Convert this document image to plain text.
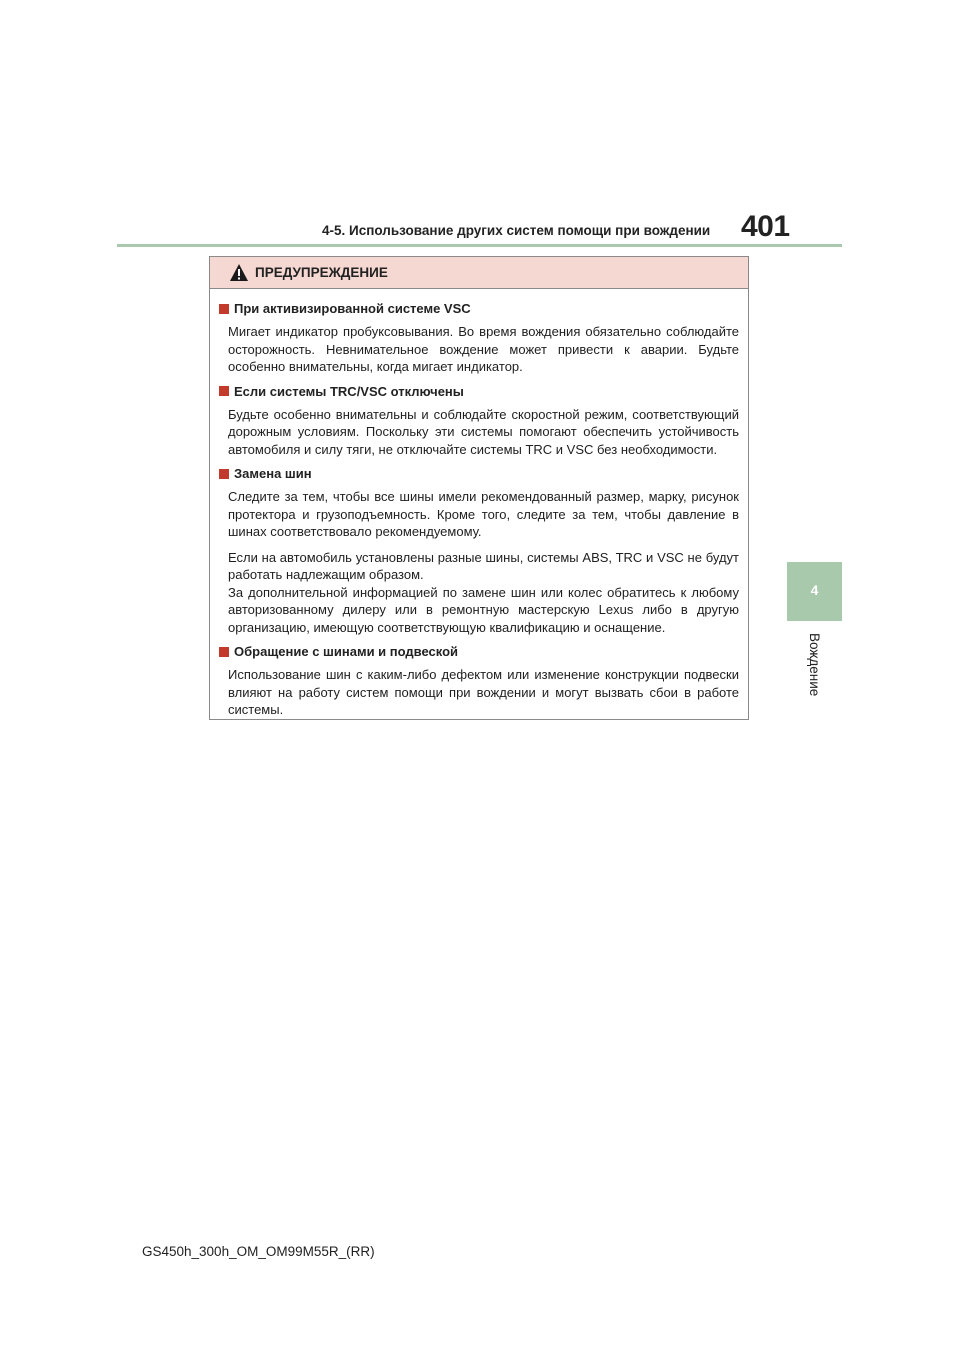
4-5. Использование других систем помощи при вождении 401
4
Вождение
ПРЕДУПРЕЖДЕНИЕ
При активизированной системе VSC

Мигает индикатор пробуксовывания. Во время вождения обязательно соблюдайте осторожность. Невнимательное вождение может привести к аварии. Будьте особенно внимательны, когда мигает индикатор.

Если системы TRC/VSC отключены

Будьте особенно внимательны и соблюдайте скоростной режим, соответствующий дорожным условиям. Поскольку эти системы помогают обеспечить устойчивость автомобиля и силу тяги, не отключайте системы TRC и VSC без необходимости.

Замена шин

Следите за тем, чтобы все шины имели рекомендованный размер, марку, рисунок протектора и грузоподъемность. Кроме того, следите за тем, чтобы давление в шинах соответствовало рекомендуемому.

Если на автомобиль установлены разные шины, системы ABS, TRC и VSC не будут работать надлежащим образом.

За дополнительной информацией по замене шин или колес обратитесь к любому авторизованному дилеру или в ремонтную мастерскую Lexus либо в другую организацию, имеющую соответствующую квалификацию и оснащение.

Обращение с шинами и подвеской

Использование шин с каким-либо дефектом или изменение конструкции подвески влияют на работу систем помощи при вождении и могут вызвать сбои в работе системы.

GS450h_300h_OM_OM99M55R_(RR)
